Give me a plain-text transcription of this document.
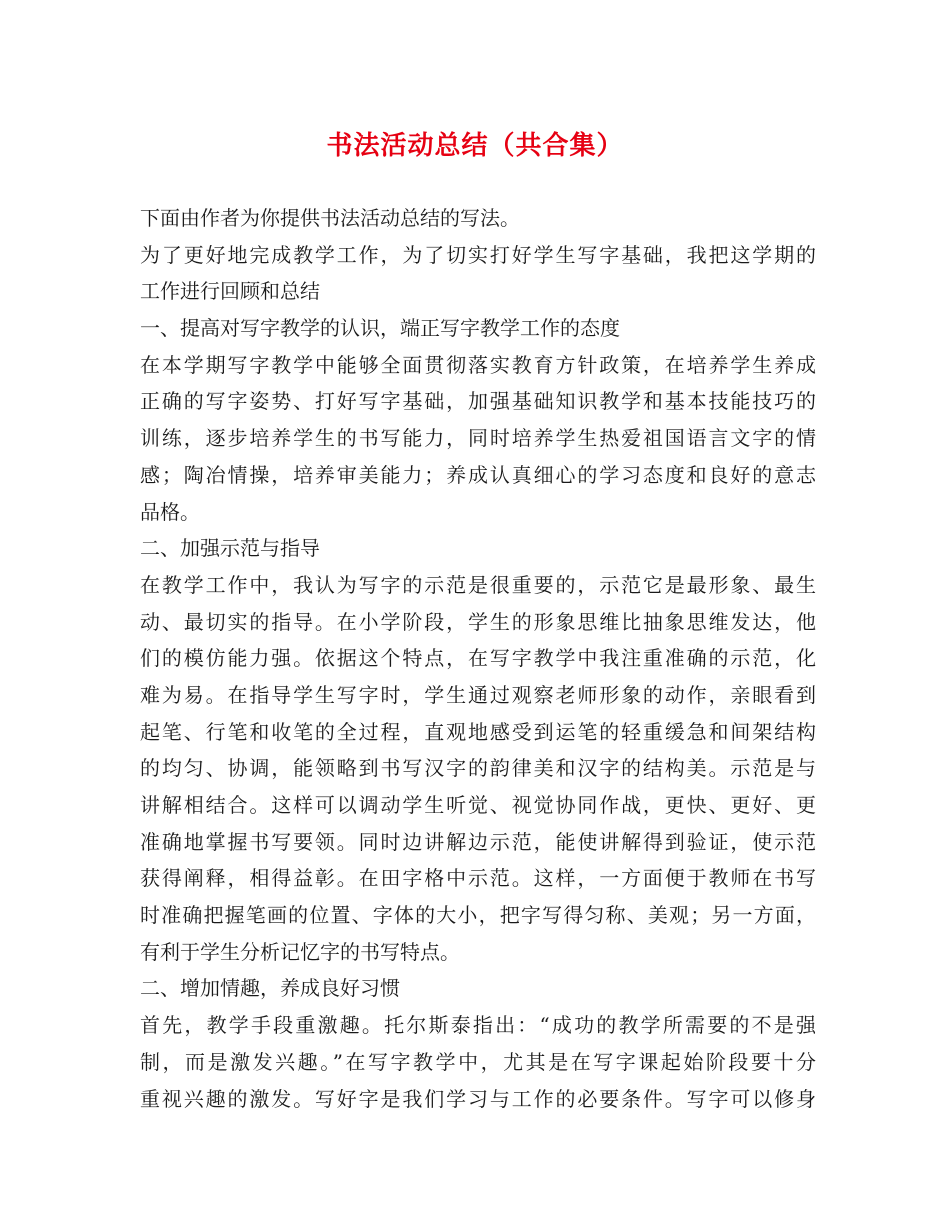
书法活动总结（共合集）
下面由作者为你提供书法活动总结的写法。
为了更好地完成教学工作，为了切实打好学生写字基础，我把这学期的
工作进行回顾和总结
一、提高对写字教学的认识，端正写字教学工作的态度
在本学期写字教学中能够全面贯彻落实教育方针政策，在培养学生养成
正确的写字姿势、打好写字基础，加强基础知识教学和基本技能技巧的
训练，逐步培养学生的书写能力，同时培养学生热爱祖国语言文字的情
感；陶冶情操，培养审美能力；养成认真细心的学习态度和良好的意志
品格。
二、加强示范与指导
在教学工作中，我认为写字的示范是很重要的，示范它是最形象、最生
动、最切实的指导。在小学阶段，学生的形象思维比抽象思维发达，他
们的模仿能力强。依据这个特点，在写字教学中我注重准确的示范，化
难为易。在指导学生写字时，学生通过观察老师形象的动作，亲眼看到
起笔、行笔和收笔的全过程，直观地感受到运笔的轻重缓急和间架结构
的均匀、协调，能领略到书写汉字的韵律美和汉字的结构美。示范是与
讲解相结合。这样可以调动学生听觉、视觉协同作战，更快、更好、更
准确地掌握书写要领。同时边讲解边示范，能使讲解得到验证，使示范
获得阐释，相得益彰。在田字格中示范。这样，一方面便于教师在书写
时准确把握笔画的位置、字体的大小，把字写得匀称、美观；另一方面，
有利于学生分析记忆字的书写特点。
二、增加情趣，养成良好习惯
首先，教学手段重激趣。托尔斯泰指出：“成功的教学所需要的不是强
制，而是激发兴趣。”在写字教学中，尤其是在写字课起始阶段要十分
重视兴趣的激发。写好字是我们学习与工作的必要条件。写字可以修身
